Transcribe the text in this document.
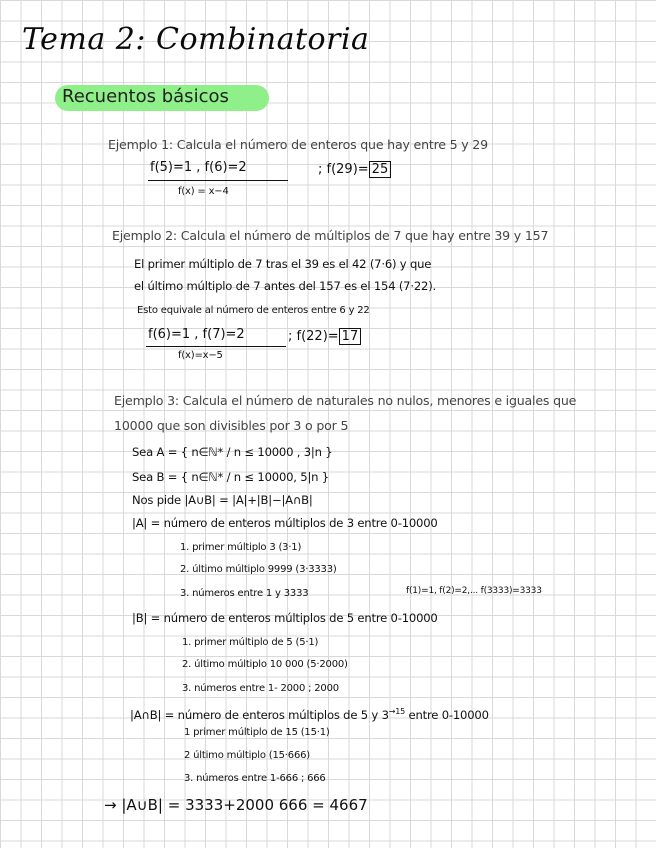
Tema 2: Combinatoria
Recuentos básicos
Ejemplo 1: Calcula el número de enteros que hay entre 5 y 29
f(5)=1 , f(6)=2
f(x) = x−4
; f(29)= 25
Ejemplo 2: Calcula el número de múltiplos de 7 que hay entre 39 y 157
El primer múltiplo de 7 tras el 39 es el 42 (7·6) y que
el último múltiplo de 7 antes del 157 es el 154 (7·22).
Esto equivale al número de enteros entre 6 y 22
f(6)=1 , f(7)=2
f(x)=x−5
; f(22)= 17
Ejemplo 3: Calcula el número de naturales no nulos, menores e iguales que
10000 que son divisibles por 3 o por 5
Sea A = { n∈ℕ* / n ≤ 10000 , 3|n }
Sea B = { n∈ℕ* / n ≤ 10000, 5|n }
Nos pide |A∪B| = |A|+|B|−|A∩B|
|A| = número de enteros múltiplos de 3 entre 0-10000
1. primer múltiplo 3 (3·1)
2. último múltiplo 9999 (3·3333)
3. números entre 1 y 3333	f(1)=1, f(2)=2,... f(3333)=3333
|B| = número de enteros múltiplos de 5 entre 0-10000
1. primer múltiplo de 5 (5·1)
2. último múltiplo 10 000 (5·2000)
3. números entre 1- 2000 ; 2000
|A∩B| = número de enteros múltiplos de 5 y $3^{\to 15}$ entre 0-10000
1 primer múltiplo de 15 (15·1)
2 último múltiplo (15·666)
3. números entre 1-666 ; 666
→ |A∪B| = 3333+2000 666 = 4667
